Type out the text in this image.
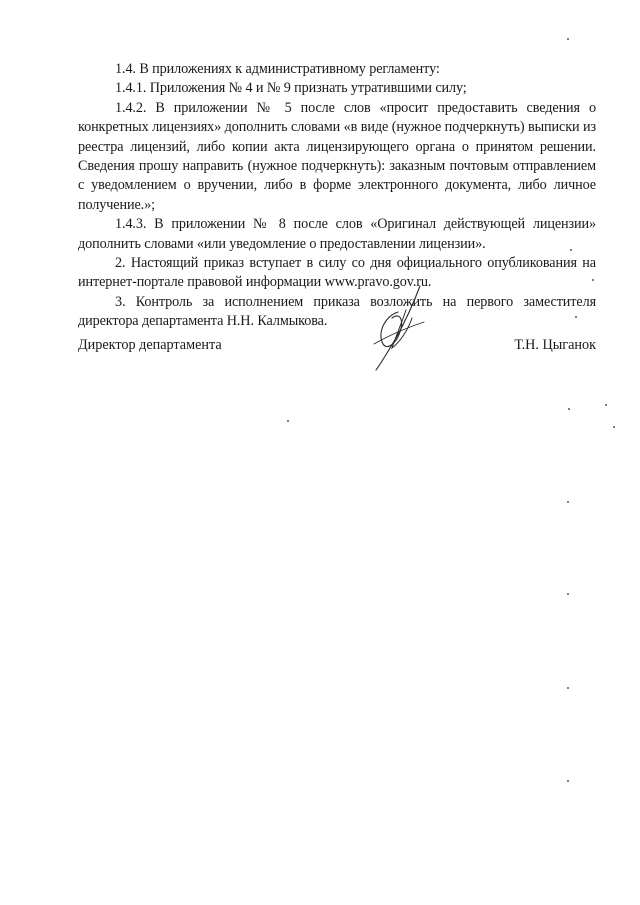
1.4. В приложениях к административному регламенту:

1.4.1. Приложения № 4 и № 9 признать утратившими силу;

1.4.2. В приложении № 5 после слов «просит предоставить сведения о конкретных лицензиях» дополнить словами «в виде (нужное подчеркнуть) выписки из реестра лицензий, либо копии акта лицензирующего органа о принятом решении. Сведения прошу направить (нужное подчеркнуть): заказным почтовым отправлением с уведомлением о вручении, либо в форме электронного документа, либо личное получение.»;

1.4.3. В приложении № 8 после слов «Оригинал действующей лицензии» дополнить словами «или уведомление о предоставлении лицензии».

2. Настоящий приказ вступает в силу со дня официального опубликования на интернет-портале правовой информации www.pravo.gov.ru.

3. Контроль за исполнением приказа возложить на первого заместителя директора департамента Н.Н. Калмыкова.

Директор департамента	Т.Н. Цыганок
